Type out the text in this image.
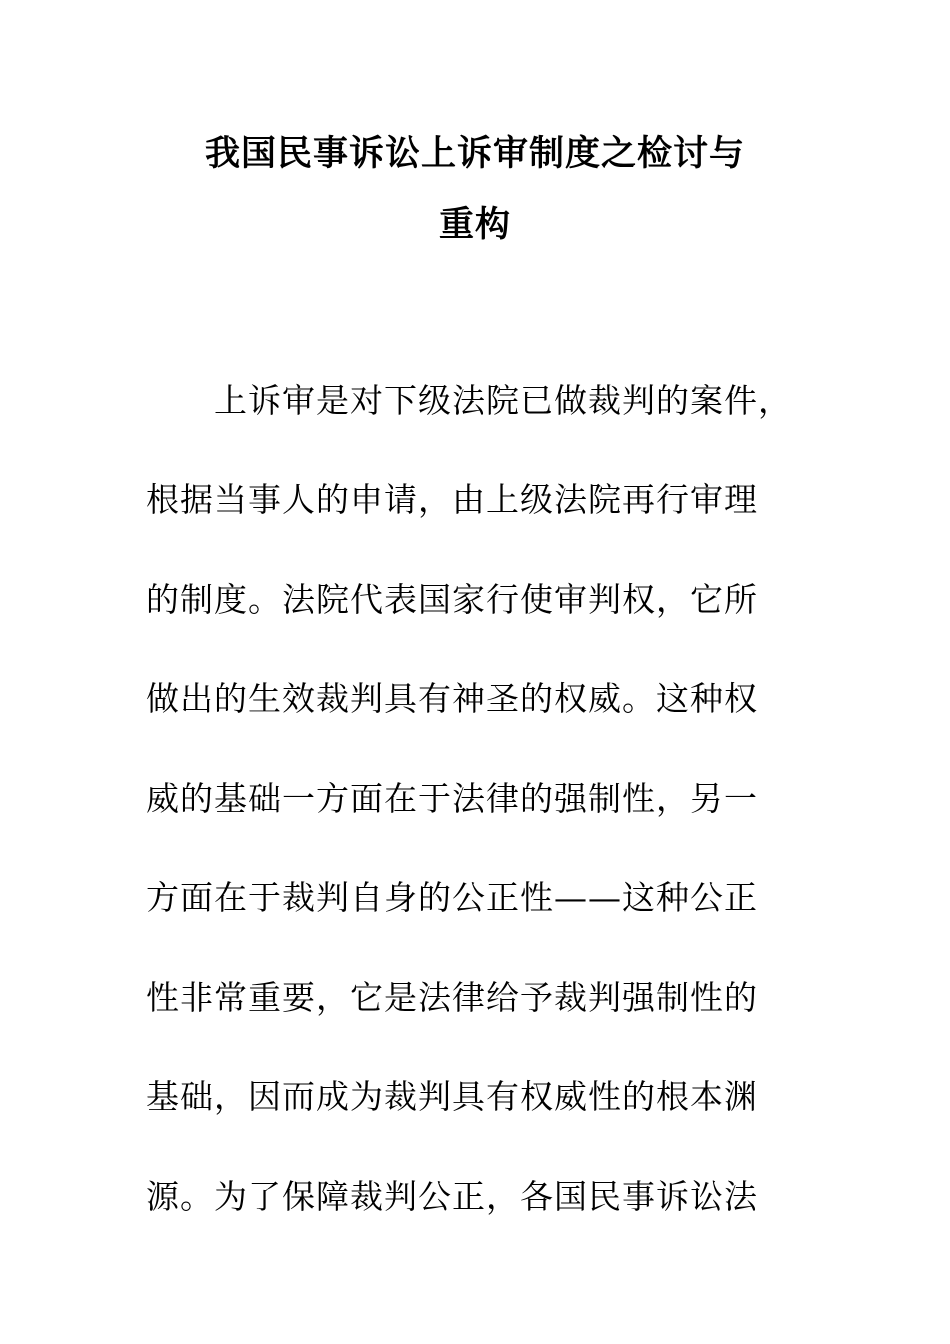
我国民事诉讼上诉审制度之检讨与
重构
上诉审是对下级法院已做裁判的案件，
根据当事人的申请，由上级法院再行审理
的制度。法院代表国家行使审判权，它所
做出的生效裁判具有神圣的权威。这种权
威的基础一方面在于法律的强制性，另一
方面在于裁判自身的公正性——这种公正
性非常重要，它是法律给予裁判强制性的
基础，因而成为裁判具有权威性的根本渊
源。为了保障裁判公正，各国民事诉讼法
